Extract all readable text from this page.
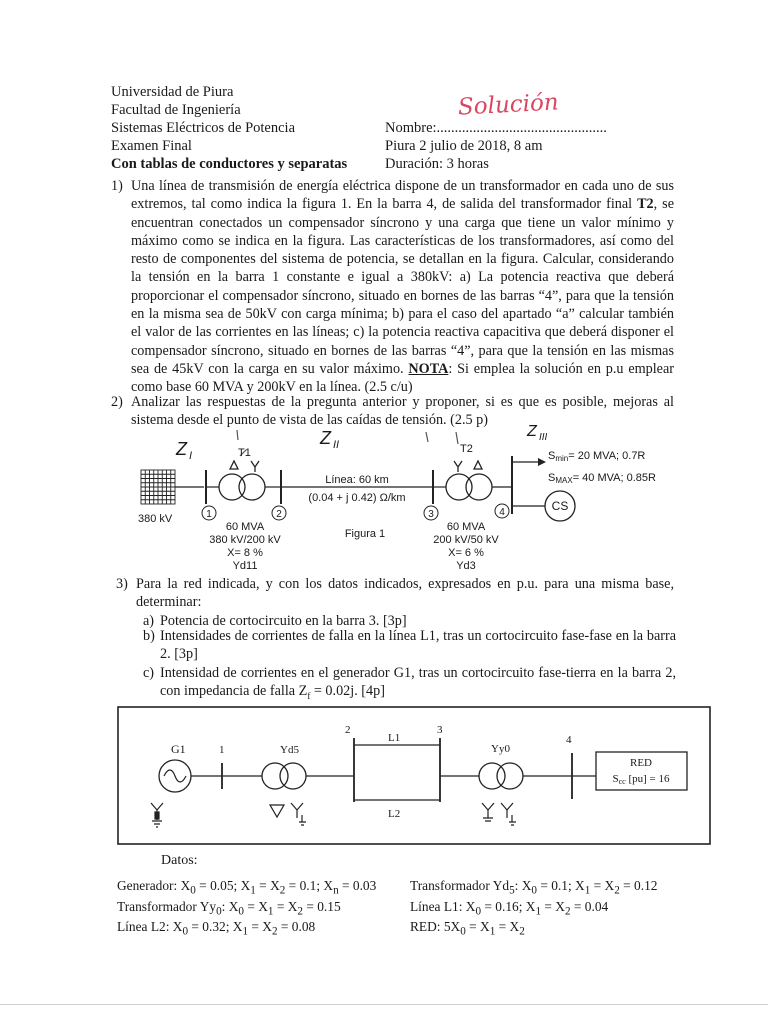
Universidad de Piura
Facultad de Ingeniería
Sistemas Eléctricos de Potencia
Examen Final
Con tablas de conductores y separatas
Nombre:...............................................
Piura 2 julio de 2018, 8 am
Duración: 3 horas
Solución
1) Una línea de transmisión de energía eléctrica dispone de un transformador en cada uno de sus extremos, tal como indica la figura 1. En la barra 4, de salida del transformador final T2, se encuentran conectados un compensador síncrono y una carga que tiene un valor mínimo y máximo como se indica en la figura. Las características de los transformadores, así como del resto de componentes del sistema de potencia, se detallan en la figura. Calcular, considerando la tensión en la barra 1 constante e igual a 380kV: a) La potencia reactiva que deberá proporcionar el compensador síncrono, situado en bornes de las barras “4”, para que la tensión en la misma sea de 50kV con carga mínima; b) para el caso del apartado “a” calcular también el valor de las corrientes en las líneas; c) la potencia reactiva capacitiva que deberá disponer el compensador síncrono, situado en bornes de las barras “4”, para que la tensión en las mismas sea de 45kV con la carga en su valor máximo. NOTA: Si emplea la solución en p.u emplear como base 60 MVA y 200kV en la línea. (2.5 c/u)
2) Analizar las respuestas de la pregunta anterior y proponer, si es que es posible, mejoras al sistema desde el punto de vista de las caídas de tensión. (2.5 p)
Z I
Z II
Z III
T1
Línea: 60 km
(0.04 + j 0.42) Ω/km
T2
Smin= 20 MVA; 0.7R
SMAX= 40 MVA; 0.85R
CS
1	2	3	4
380 kV
60 MVA
380 kV/200 kV
X= 8 %
Yd11
Figura 1
60 MVA
200 kV/50 kV
X= 6 %
Yd3
3) Para la red indicada, y con los datos indicados, expresados en p.u. para una misma base, determinar:
a) Potencia de cortocircuito en la barra 3. [3p]
b) Intensidades de corrientes de falla en la línea L1, tras un cortocircuito fase-fase en la barra 2. [3p]
c) Intensidad de corrientes en el generador G1, tras un cortocircuito fase-tierra en la barra 2, con impedancia de falla $Z_f = 0.02j$. [4p]
G1	1	Yd5
2
L1
L2
3
Yy0
4
RED
Scc [pu] = 16
Datos:
Generador: $X_0 = 0.05$; $X_1 = X_2 = 0.1$; $X_n = 0.03$
Transformador $Yy_0$: $X_0 = X_1 = X_2 = 0.15$
Línea L2: $X_0 = 0.32$; $X_1 = X_2 = 0.08$
Transformador $Yd_5$: $X_0 = 0.1$; $X_1 = X_2 = 0.12$
Línea L1: $X_0 = 0.16$; $X_1 = X_2 = 0.04$
RED: $5X_0 = X_1 = X_2$
